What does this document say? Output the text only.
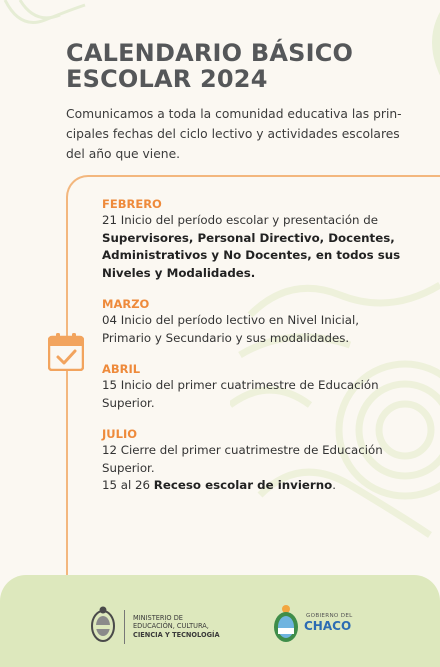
CALENDARIO BÁSICO
ESCOLAR 2024

Comunicamos a toda la comunidad educativa las prin-
cipales fechas del ciclo lectivo y actividades escolares
del año que viene.

FEBRERO
21 Inicio del período escolar y presentación de
Supervisores, Personal Directivo, Docentes,
Administrativos y No Docentes, en todos sus
Niveles y Modalidades.
MARZO
04 Inicio del período lectivo en Nivel Inicial,
Primario y Secundario y sus modalidades.
ABRIL
15 Inicio del primer cuatrimestre de Educación
Superior.
JULIO
12 Cierre del primer cuatrimestre de Educación
Superior.
15 al 26 Receso escolar de invierno.
MINISTERIO DE
EDUCACIÓN, CULTURA,
CIENCIA Y TECNOLOGÍA
GOBIERNO DEL
CHACO
